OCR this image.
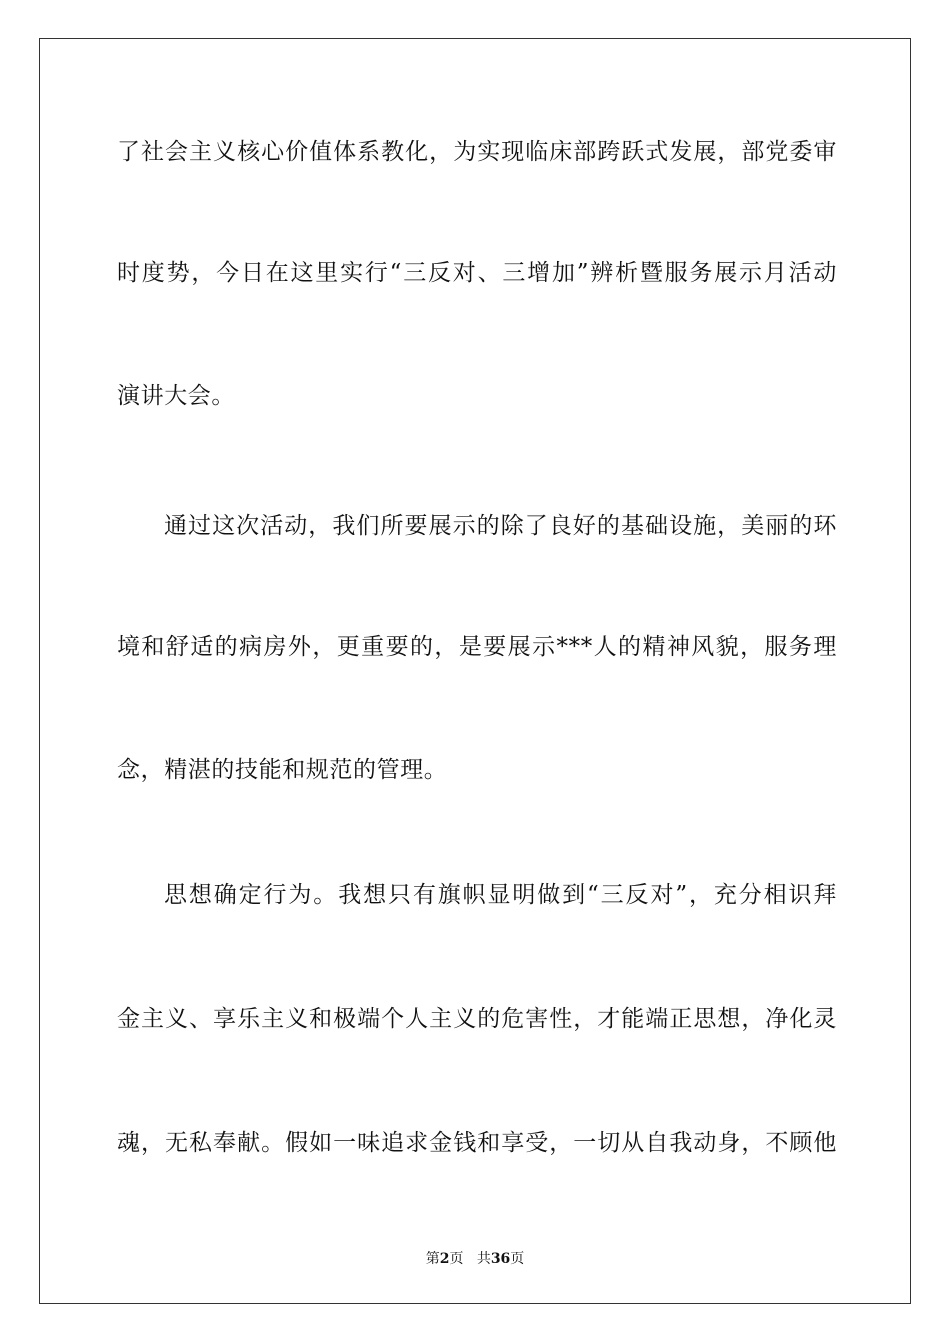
了社会主义核心价值体系教化，为实现临床部跨跃式发展，部党委审
时度势，今日在这里实行“三反对、三增加”辨析暨服务展示月活动
演讲大会。
通过这次活动，我们所要展示的除了良好的基础设施，美丽的环
境和舒适的病房外，更重要的，是要展示***人的精神风貌，服务理
念，精湛的技能和规范的管理。
思想确定行为。我想只有旗帜显明做到“三反对”，充分相识拜
金主义、享乐主义和极端个人主义的危害性，才能端正思想，净化灵
魂，无私奉献。假如一味追求金钱和享受，一切从自我动身，不顾他
第2页 共36页
